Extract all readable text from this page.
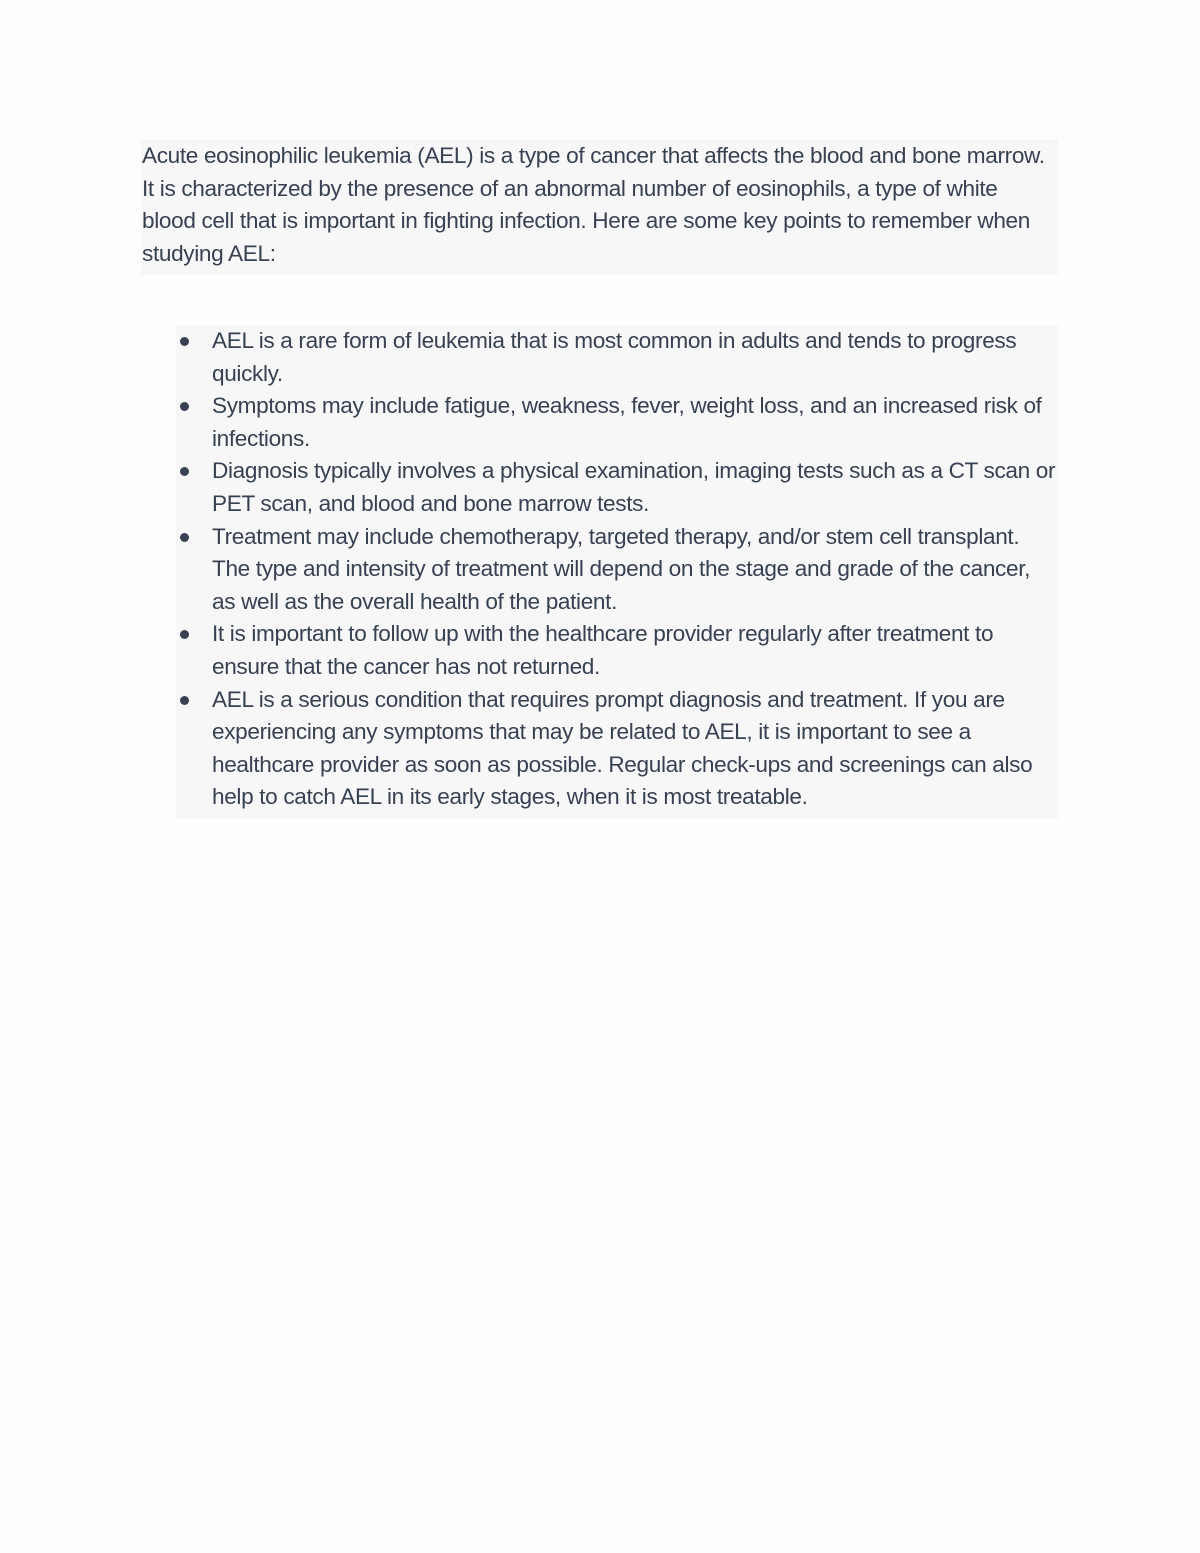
Acute eosinophilic leukemia (AEL) is a type of cancer that affects the blood and bone marrow. It is characterized by the presence of an abnormal number of eosinophils, a type of white blood cell that is important in fighting infection. Here are some key points to remember when studying AEL:

AEL is a rare form of leukemia that is most common in adults and tends to progress quickly.
Symptoms may include fatigue, weakness, fever, weight loss, and an increased risk of infections.
Diagnosis typically involves a physical examination, imaging tests such as a CT scan or PET scan, and blood and bone marrow tests.
Treatment may include chemotherapy, targeted therapy, and/or stem cell transplant. The type and intensity of treatment will depend on the stage and grade of the cancer, as well as the overall health of the patient.
It is important to follow up with the healthcare provider regularly after treatment to ensure that the cancer has not returned.
AEL is a serious condition that requires prompt diagnosis and treatment. If you are experiencing any symptoms that may be related to AEL, it is important to see a healthcare provider as soon as possible. Regular check-ups and screenings can also help to catch AEL in its early stages, when it is most treatable.
